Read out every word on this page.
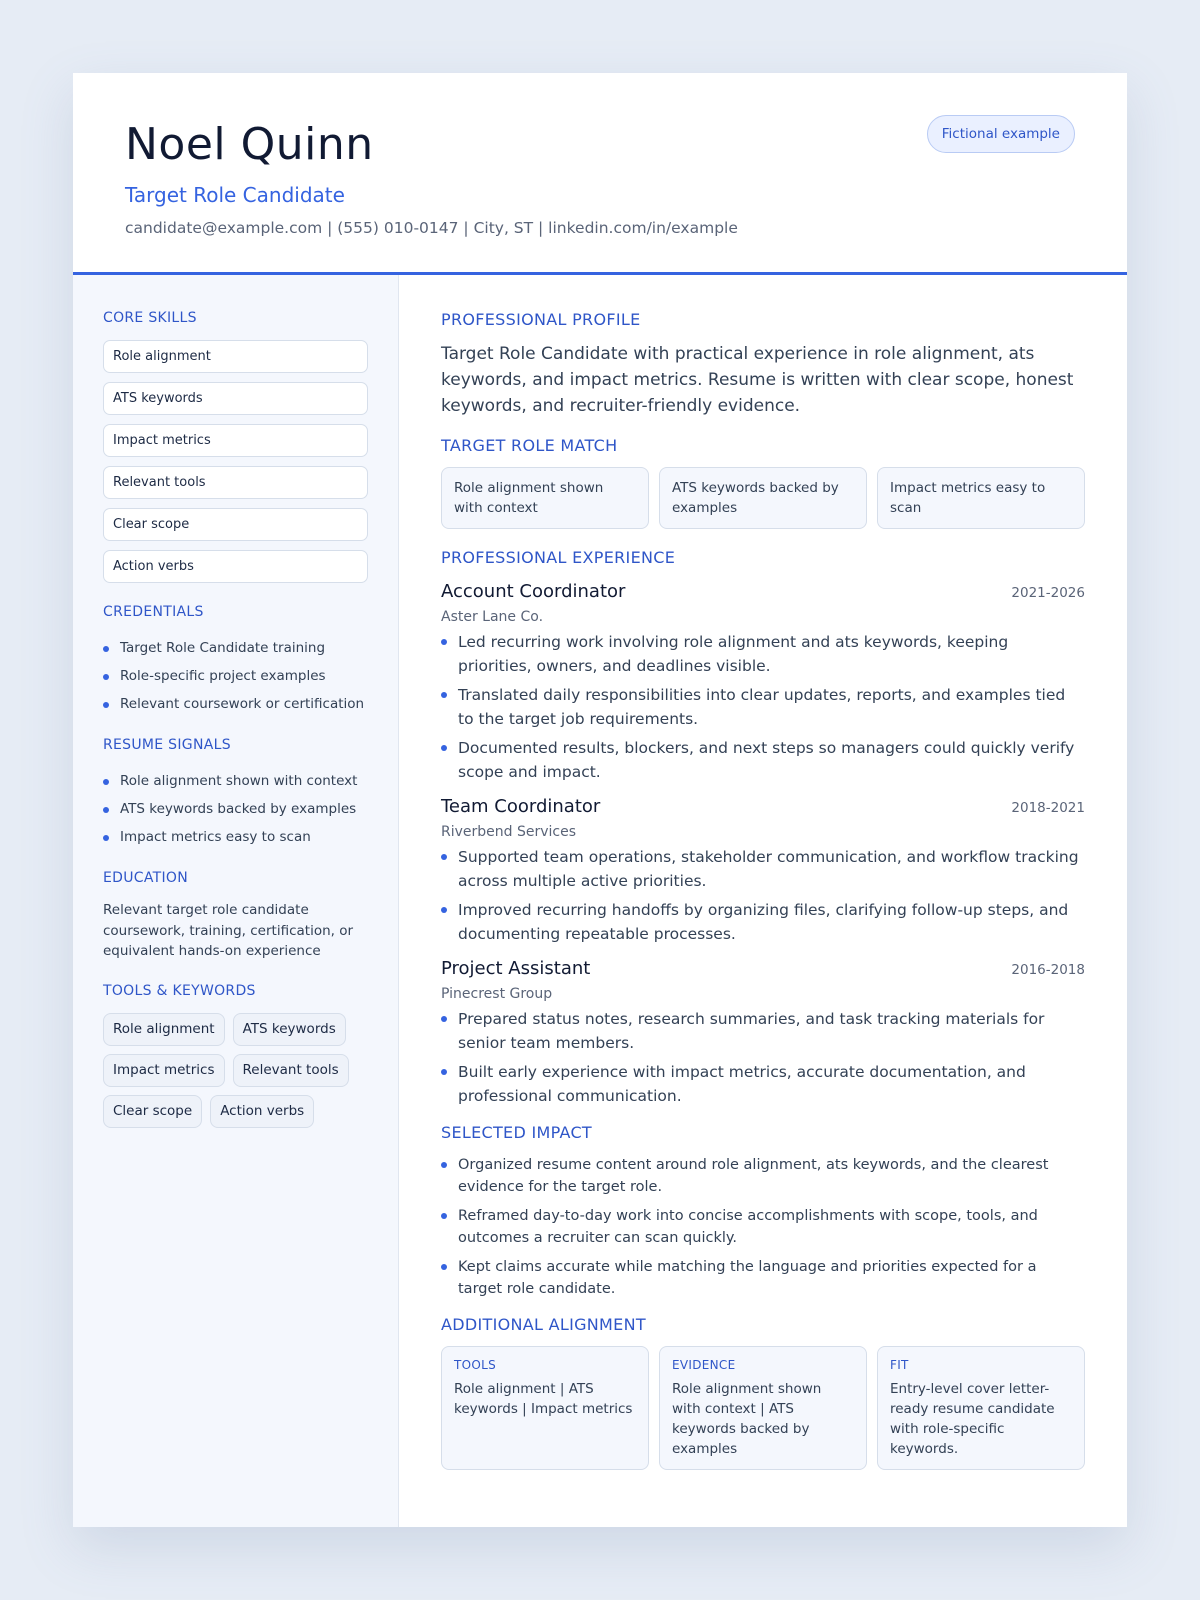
Noel Quinn
Target Role Candidate
candidate@example.com | (555) 010-0147 | City, ST | linkedin.com/in/example
Fictional example
CORE SKILLS
Role alignment
ATS keywords
Impact metrics
Relevant tools
Clear scope
Action verbs
CREDENTIALS
Target Role Candidate training
Role-specific project examples
Relevant coursework or certification
RESUME SIGNALS
Role alignment shown with context
ATS keywords backed by examples
Impact metrics easy to scan
EDUCATION
Relevant target role candidate coursework, training, certification, or equivalent hands-on experience
TOOLS & KEYWORDS
Role alignment	ATS keywords
Impact metrics	Relevant tools
Clear scope	Action verbs
PROFESSIONAL PROFILE
Target Role Candidate with practical experience in role alignment, ats keywords, and impact metrics. Resume is written with clear scope, honest keywords, and recruiter-friendly evidence.
TARGET ROLE MATCH
Role alignment shown with context
ATS keywords backed by examples
Impact metrics easy to scan
PROFESSIONAL EXPERIENCE
Account Coordinator	2021-2026
Aster Lane Co.
Led recurring work involving role alignment and ats keywords, keeping priorities, owners, and deadlines visible.
Translated daily responsibilities into clear updates, reports, and examples tied to the target job requirements.
Documented results, blockers, and next steps so managers could quickly verify scope and impact.
Team Coordinator	2018-2021
Riverbend Services
Supported team operations, stakeholder communication, and workflow tracking across multiple active priorities.
Improved recurring handoffs by organizing files, clarifying follow-up steps, and documenting repeatable processes.
Project Assistant	2016-2018
Pinecrest Group
Prepared status notes, research summaries, and task tracking materials for senior team members.
Built early experience with impact metrics, accurate documentation, and professional communication.
SELECTED IMPACT
Organized resume content around role alignment, ats keywords, and the clearest evidence for the target role.
Reframed day-to-day work into concise accomplishments with scope, tools, and outcomes a recruiter can scan quickly.
Kept claims accurate while matching the language and priorities expected for a target role candidate.
ADDITIONAL ALIGNMENT
TOOLS
Role alignment | ATS keywords | Impact metrics
EVIDENCE
Role alignment shown with context | ATS keywords backed by examples
FIT
Entry-level cover letter-ready resume candidate with role-specific keywords.
